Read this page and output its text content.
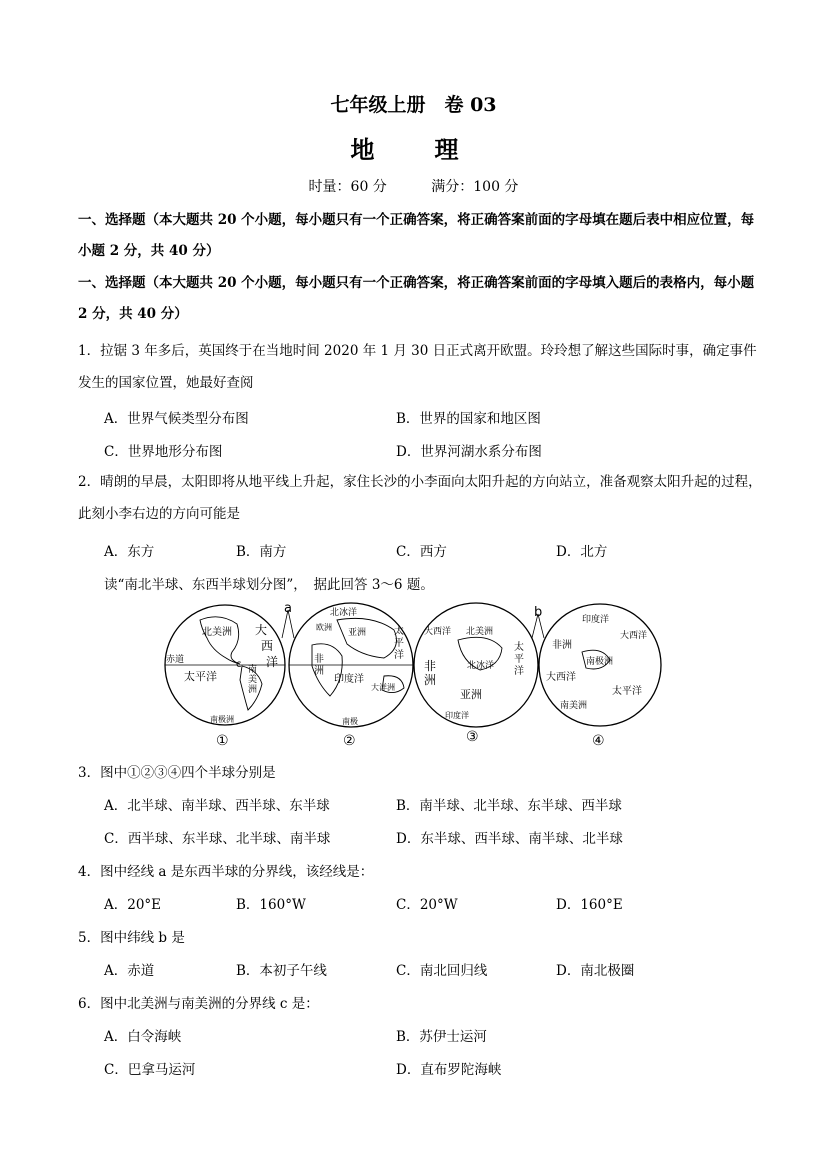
七年级上册　卷 03
地　理
时量：60 分	满分：100 分
一、选择题（本大题共 20 个小题，每小题只有一个正确答案，将正确答案前面的字母填在题后表中相应位置，每小题 2 分，共 40 分）
一、选择题（本大题共 20 个小题，每小题只有一个正确答案，将正确答案前面的字母填入题后的表格内，每小题 2 分，共 40 分）
1．拉锯 3 年多后，英国终于在当地时间 2020 年 1 月 30 日正式离开欧盟。玲玲想了解这些国际时事，确定事件发生的国家位置，她最好查阅
A．世界气候类型分布图	B．世界的国家和地区图
C．世界地形分布图	D．世界河湖水系分布图
2．晴朗的早晨，太阳即将从地平线上升起，家住长沙的小李面向太阳升起的方向站立，准备观察太阳升起的过程，此刻小李右边的方向可能是
A．东方	B．南方	C．西方	D．北方
读“南北半球、东西半球划分图”，　据此回答 3～6 题。
a	b
c
北美洲 大
西
洋
赤道
太平洋	南
美
洲
南极洲
北冰洋
亚洲
欧洲
非
洲
太
平
洋
印度洋
大洋洲
南极
大西洋 北美洲
太
平
洋
非
洲
北冰洋
亚洲
印度洋
印度洋
大西洋
非洲
南极洲
大西洋
太平洋
南美洲
①	②	③	④
3．图中①②③④四个半球分别是
A．北半球、南半球、西半球、东半球	B．南半球、北半球、东半球、西半球
C．西半球、东半球、北半球、南半球	D．东半球、西半球、南半球、北半球
4．图中经线 a 是东西半球的分界线，该经线是：
A．20°E	B．160°W	C．20°W	D．160°E
5．图中纬线 b 是
A．赤道	B．本初子午线	C．南北回归线	D．南北极圈
6．图中北美洲与南美洲的分界线 c 是：
A．白令海峡	B．苏伊士运河
C．巴拿马运河	D．直布罗陀海峡
